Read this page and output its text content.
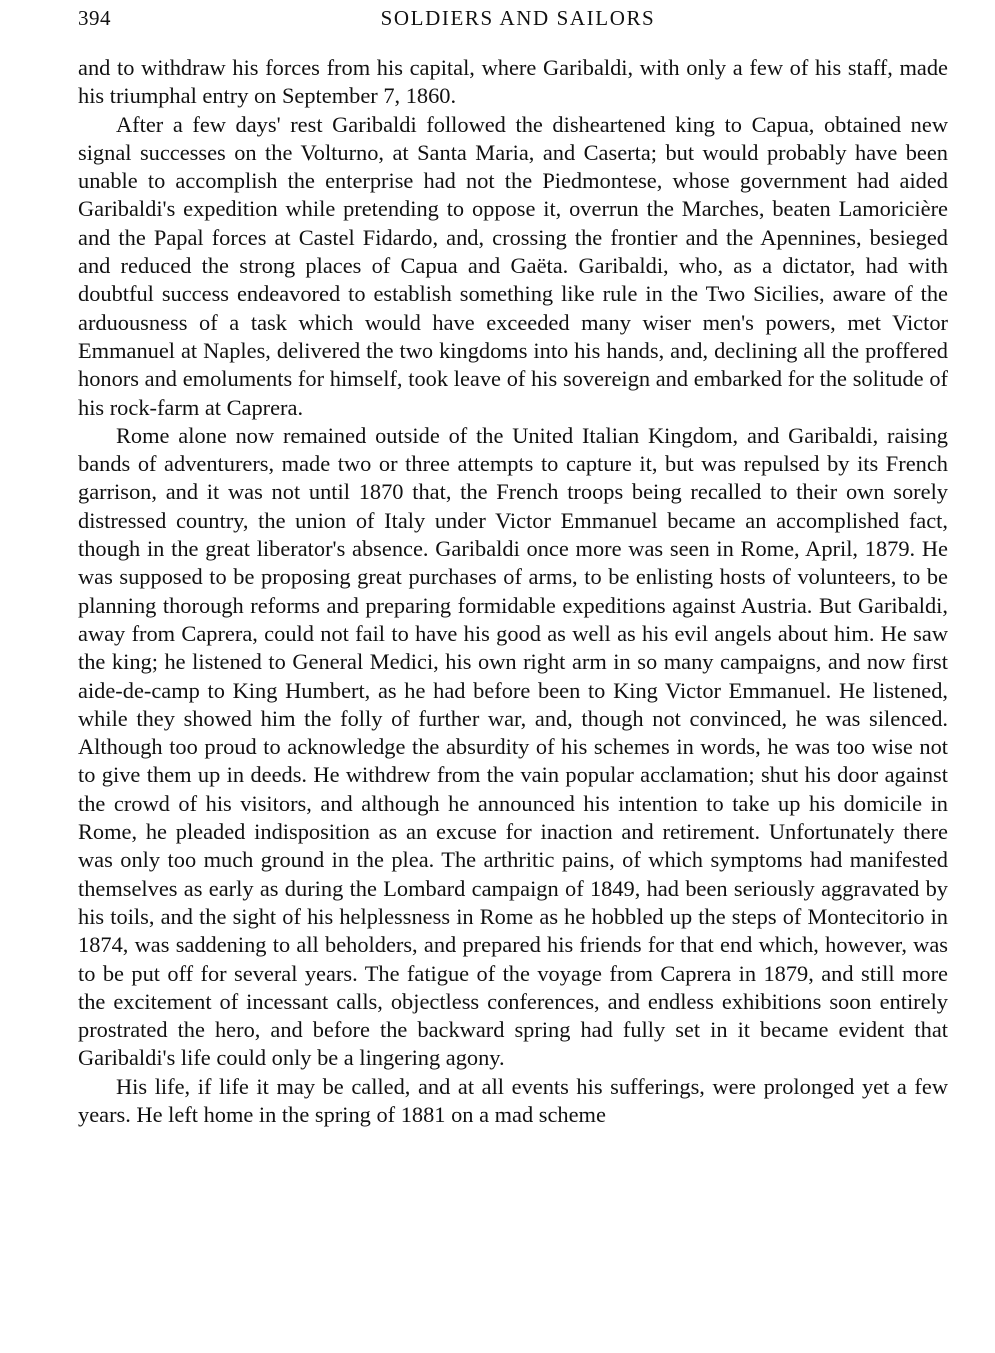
394	SOLDIERS AND SAILORS

and to withdraw his forces from his capital, where Garibaldi, with only a few of his staff, made his triumphal entry on September 7, 1860.

After a few days' rest Garibaldi followed the disheartened king to Capua, obtained new signal successes on the Volturno, at Santa Maria, and Caserta; but would probably have been unable to accomplish the enterprise had not the Piedmontese, whose government had aided Garibaldi's expedition while pretending to oppose it, overrun the Marches, beaten Lamoricière and the Papal forces at Castel Fidardo, and, crossing the frontier and the Apennines, besieged and reduced the strong places of Capua and Gaëta. Garibaldi, who, as a dictator, had with doubtful success endeavored to establish something like rule in the Two Sicilies, aware of the arduousness of a task which would have exceeded many wiser men's powers, met Victor Emmanuel at Naples, delivered the two kingdoms into his hands, and, declining all the proffered honors and emoluments for himself, took leave of his sovereign and embarked for the solitude of his rock-farm at Caprera.

Rome alone now remained outside of the United Italian Kingdom, and Garibaldi, raising bands of adventurers, made two or three attempts to capture it, but was repulsed by its French garrison, and it was not until 1870 that, the French troops being recalled to their own sorely distressed country, the union of Italy under Victor Emmanuel became an accomplished fact, though in the great liberator's absence. Garibaldi once more was seen in Rome, April, 1879. He was supposed to be proposing great purchases of arms, to be enlisting hosts of volunteers, to be planning thorough reforms and preparing formidable expeditions against Austria. But Garibaldi, away from Caprera, could not fail to have his good as well as his evil angels about him. He saw the king; he listened to General Medici, his own right arm in so many campaigns, and now first aide-de-camp to King Humbert, as he had before been to King Victor Emmanuel. He listened, while they showed him the folly of further war, and, though not convinced, he was silenced. Although too proud to acknowledge the absurdity of his schemes in words, he was too wise not to give them up in deeds. He withdrew from the vain popular acclamation; shut his door against the crowd of his visitors, and although he announced his intention to take up his domicile in Rome, he pleaded indisposition as an excuse for inaction and retirement. Unfortunately there was only too much ground in the plea. The arthritic pains, of which symptoms had manifested themselves as early as during the Lombard campaign of 1849, had been seriously aggravated by his toils, and the sight of his helplessness in Rome as he hobbled up the steps of Montecitorio in 1874, was saddening to all beholders, and prepared his friends for that end which, however, was to be put off for several years. The fatigue of the voyage from Caprera in 1879, and still more the excitement of incessant calls, objectless conferences, and endless exhibitions soon entirely prostrated the hero, and before the backward spring had fully set in it became evident that Garibaldi's life could only be a lingering agony.

His life, if life it may be called, and at all events his sufferings, were prolonged yet a few years. He left home in the spring of 1881 on a mad scheme
